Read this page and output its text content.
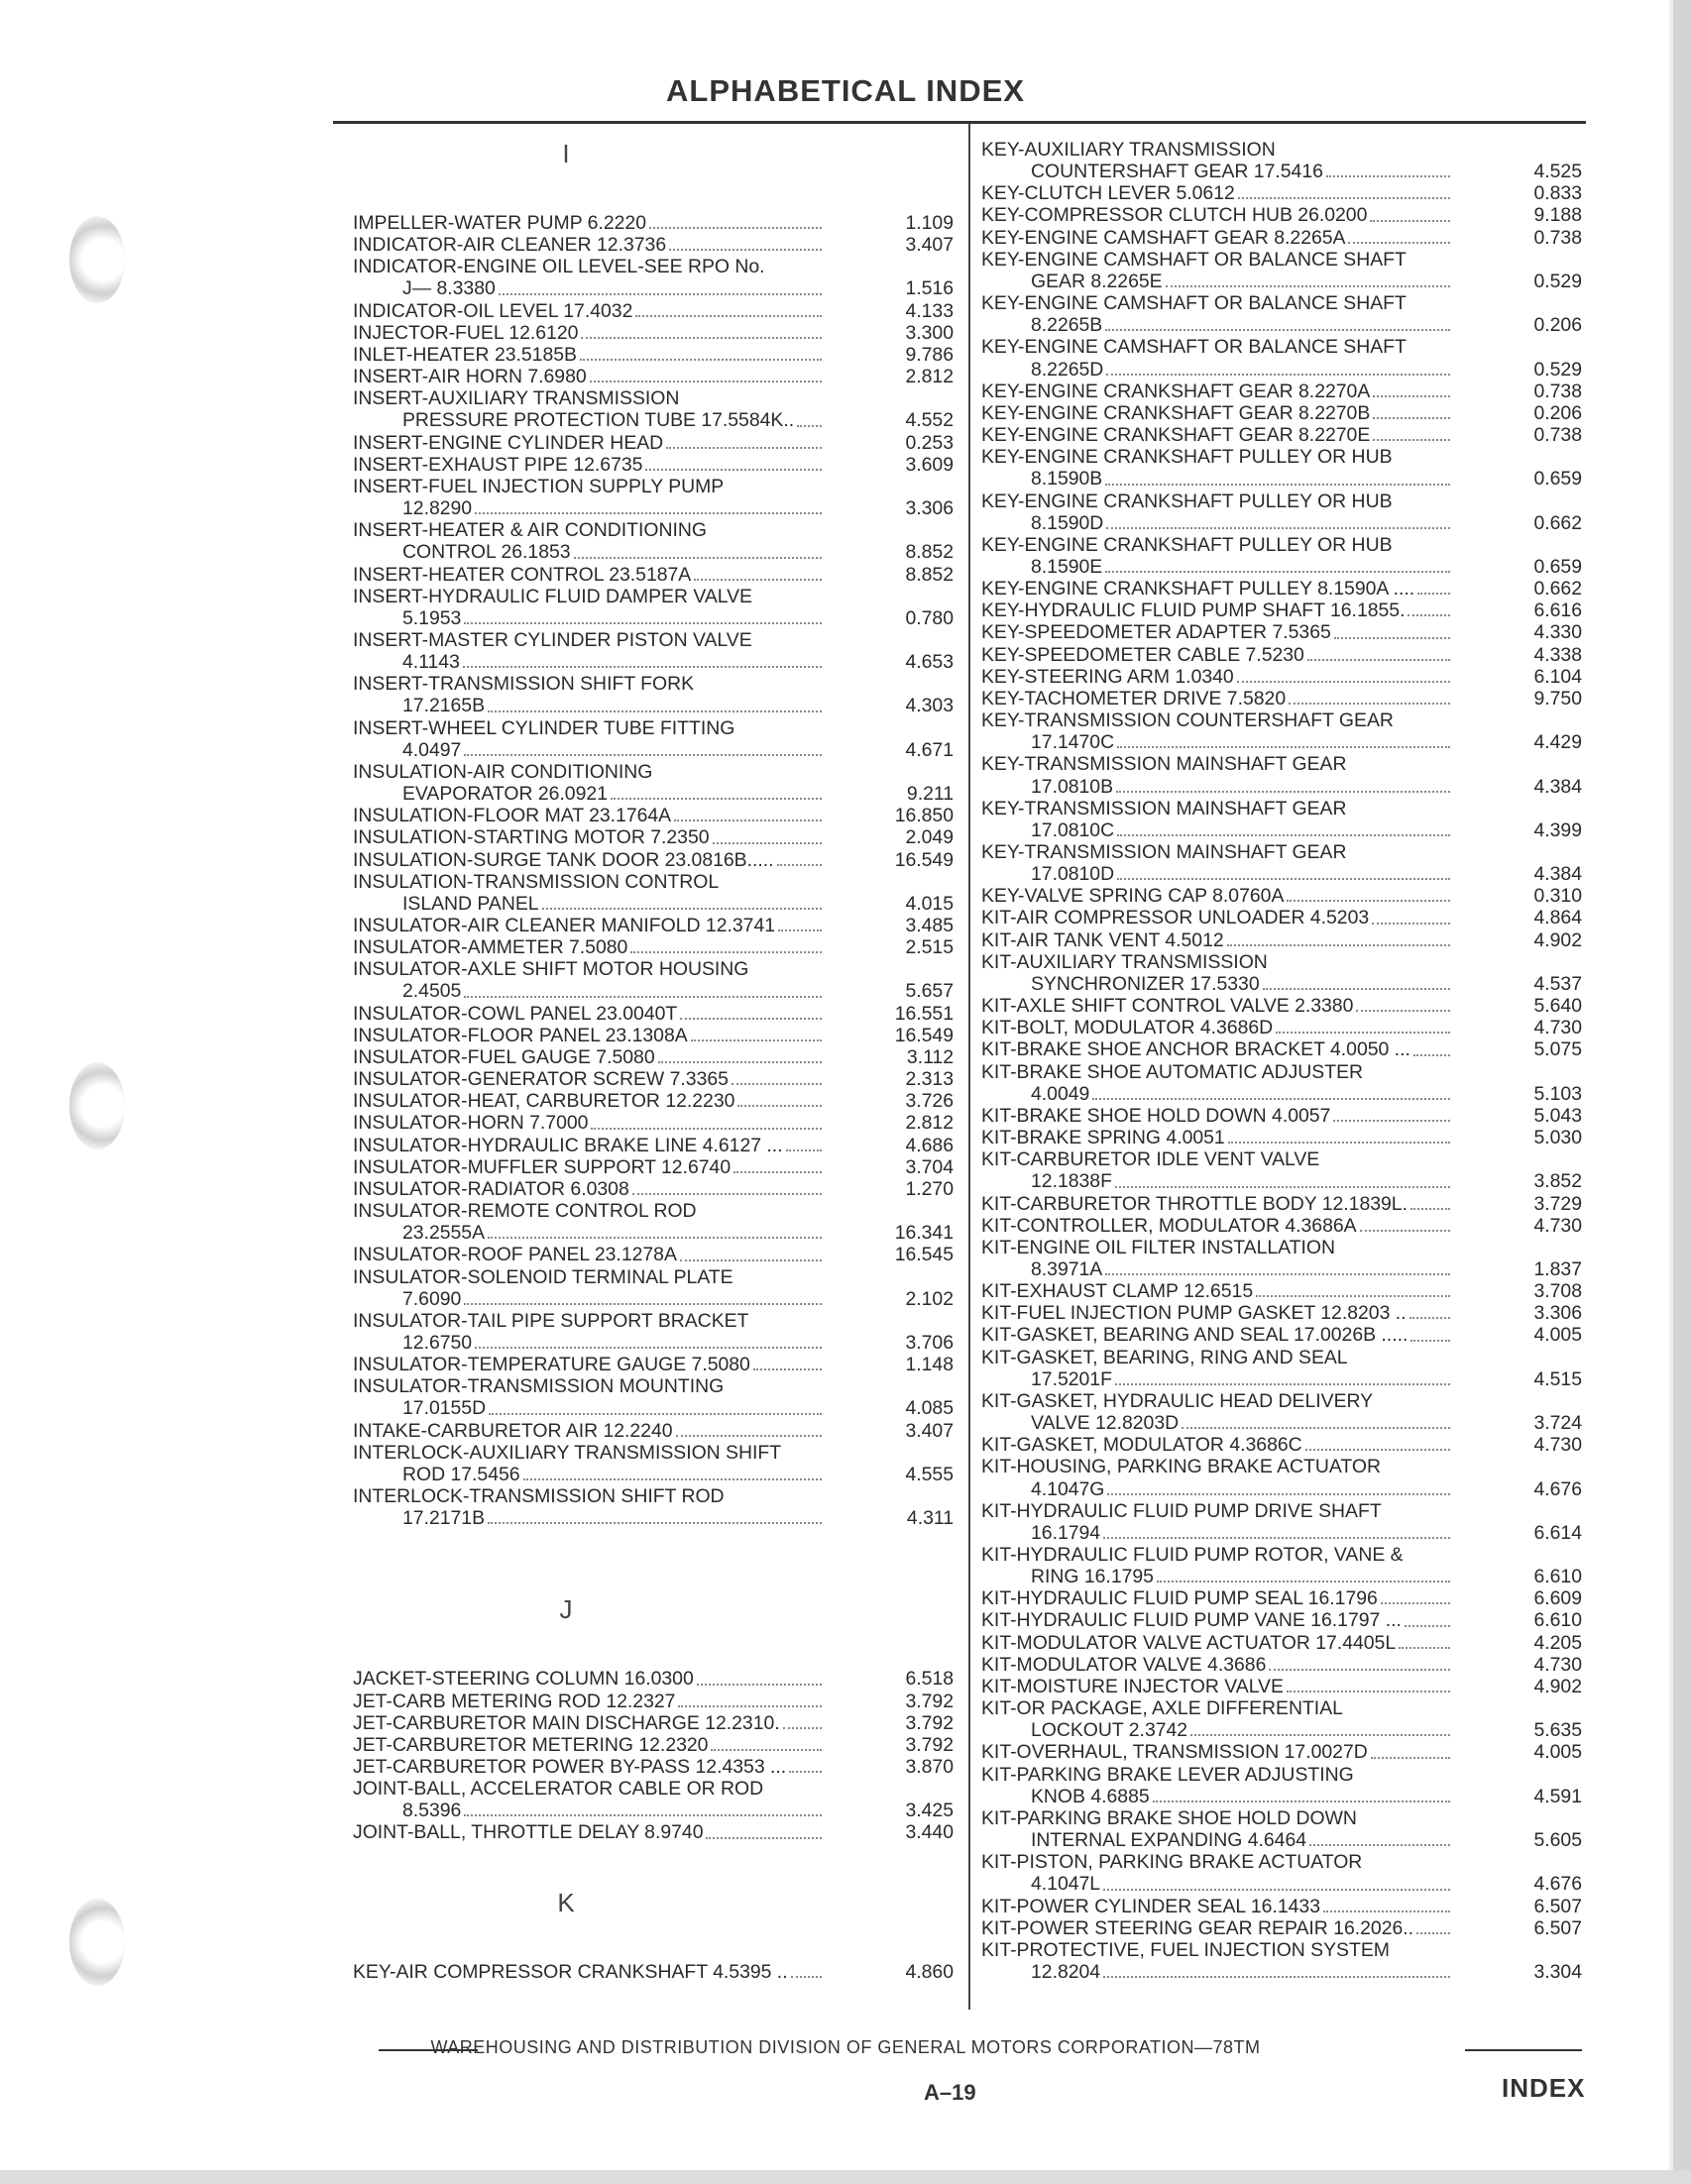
ALPHABETICAL INDEX
I
IMPELLER-WATER PUMP 6.2220	1.109
INDICATOR-AIR CLEANER 12.3736	3.407
INDICATOR-ENGINE OIL LEVEL-SEE RPO No.
J— 8.3380	1.516
INDICATOR-OIL LEVEL 17.4032	4.133
INJECTOR-FUEL 12.6120	3.300
INLET-HEATER 23.5185B	9.786
INSERT-AIR HORN 7.6980	2.812
INSERT-AUXILIARY TRANSMISSION
PRESSURE PROTECTION TUBE 17.5584K..	4.552
INSERT-ENGINE CYLINDER HEAD	0.253
INSERT-EXHAUST PIPE 12.6735	3.609
INSERT-FUEL INJECTION SUPPLY PUMP
12.8290	3.306
INSERT-HEATER & AIR CONDITIONING
CONTROL 26.1853	8.852
INSERT-HEATER CONTROL 23.5187A	8.852
INSERT-HYDRAULIC FLUID DAMPER VALVE
5.1953	0.780
INSERT-MASTER CYLINDER PISTON VALVE
4.1143	4.653
INSERT-TRANSMISSION SHIFT FORK
17.2165B	4.303
INSERT-WHEEL CYLINDER TUBE FITTING
4.0497	4.671
INSULATION-AIR CONDITIONING
EVAPORATOR 26.0921	9.211
INSULATION-FLOOR MAT 23.1764A	16.850
INSULATION-STARTING MOTOR 7.2350	2.049
INSULATION-SURGE TANK DOOR 23.0816B.....	16.549
INSULATION-TRANSMISSION CONTROL
ISLAND PANEL	4.015
INSULATOR-AIR CLEANER MANIFOLD 12.3741	3.485
INSULATOR-AMMETER 7.5080	2.515
INSULATOR-AXLE SHIFT MOTOR HOUSING
2.4505	5.657
INSULATOR-COWL PANEL 23.0040T	16.551
INSULATOR-FLOOR PANEL 23.1308A	16.549
INSULATOR-FUEL GAUGE 7.5080	3.112
INSULATOR-GENERATOR SCREW 7.3365	2.313
INSULATOR-HEAT, CARBURETOR 12.2230	3.726
INSULATOR-HORN 7.7000	2.812
INSULATOR-HYDRAULIC BRAKE LINE 4.6127 ...	4.686
INSULATOR-MUFFLER SUPPORT 12.6740	3.704
INSULATOR-RADIATOR 6.0308	1.270
INSULATOR-REMOTE CONTROL ROD
23.2555A	16.341
INSULATOR-ROOF PANEL 23.1278A	16.545
INSULATOR-SOLENOID TERMINAL PLATE
7.6090	2.102
INSULATOR-TAIL PIPE SUPPORT BRACKET
12.6750	3.706
INSULATOR-TEMPERATURE GAUGE 7.5080	1.148
INSULATOR-TRANSMISSION MOUNTING
17.0155D	4.085
INTAKE-CARBURETOR AIR 12.2240	3.407
INTERLOCK-AUXILIARY TRANSMISSION SHIFT
ROD 17.5456	4.555
INTERLOCK-TRANSMISSION SHIFT ROD
17.2171B	4.311
J
JACKET-STEERING COLUMN 16.0300	6.518
JET-CARB METERING ROD 12.2327	3.792
JET-CARBURETOR MAIN DISCHARGE 12.2310.	3.792
JET-CARBURETOR METERING 12.2320	3.792
JET-CARBURETOR POWER BY-PASS 12.4353 ...	3.870
JOINT-BALL, ACCELERATOR CABLE OR ROD
8.5396	3.425
JOINT-BALL, THROTTLE DELAY 8.9740	3.440
K
KEY-AIR COMPRESSOR CRANKSHAFT 4.5395 ..	4.860
KEY-AUXILIARY TRANSMISSION
COUNTERSHAFT GEAR 17.5416	4.525
KEY-CLUTCH LEVER 5.0612	0.833
KEY-COMPRESSOR CLUTCH HUB 26.0200	9.188
KEY-ENGINE CAMSHAFT GEAR 8.2265A	0.738
KEY-ENGINE CAMSHAFT OR BALANCE SHAFT
GEAR 8.2265E	0.529
KEY-ENGINE CAMSHAFT OR BALANCE SHAFT
8.2265B	0.206
KEY-ENGINE CAMSHAFT OR BALANCE SHAFT
8.2265D	0.529
KEY-ENGINE CRANKSHAFT GEAR 8.2270A	0.738
KEY-ENGINE CRANKSHAFT GEAR 8.2270B	0.206
KEY-ENGINE CRANKSHAFT GEAR 8.2270E	0.738
KEY-ENGINE CRANKSHAFT PULLEY OR HUB
8.1590B	0.659
KEY-ENGINE CRANKSHAFT PULLEY OR HUB
8.1590D	0.662
KEY-ENGINE CRANKSHAFT PULLEY OR HUB
8.1590E	0.659
KEY-ENGINE CRANKSHAFT PULLEY 8.1590A ....	0.662
KEY-HYDRAULIC FLUID PUMP SHAFT 16.1855.	6.616
KEY-SPEEDOMETER ADAPTER 7.5365	4.330
KEY-SPEEDOMETER CABLE 7.5230	4.338
KEY-STEERING ARM 1.0340	6.104
KEY-TACHOMETER DRIVE 7.5820	9.750
KEY-TRANSMISSION COUNTERSHAFT GEAR
17.1470C	4.429
KEY-TRANSMISSION MAINSHAFT GEAR
17.0810B	4.384
KEY-TRANSMISSION MAINSHAFT GEAR
17.0810C	4.399
KEY-TRANSMISSION MAINSHAFT GEAR
17.0810D	4.384
KEY-VALVE SPRING CAP 8.0760A	0.310
KIT-AIR COMPRESSOR UNLOADER 4.5203	4.864
KIT-AIR TANK VENT 4.5012	4.902
KIT-AUXILIARY TRANSMISSION
SYNCHRONIZER 17.5330	4.537
KIT-AXLE SHIFT CONTROL VALVE 2.3380	5.640
KIT-BOLT, MODULATOR 4.3686D	4.730
KIT-BRAKE SHOE ANCHOR BRACKET 4.0050 ...	5.075
KIT-BRAKE SHOE AUTOMATIC ADJUSTER
4.0049	5.103
KIT-BRAKE SHOE HOLD DOWN 4.0057	5.043
KIT-BRAKE SPRING 4.0051	5.030
KIT-CARBURETOR IDLE VENT VALVE
12.1838F	3.852
KIT-CARBURETOR THROTTLE BODY 12.1839L.	3.729
KIT-CONTROLLER, MODULATOR 4.3686A	4.730
KIT-ENGINE OIL FILTER INSTALLATION
8.3971A	1.837
KIT-EXHAUST CLAMP 12.6515	3.708
KIT-FUEL INJECTION PUMP GASKET 12.8203 ..	3.306
KIT-GASKET, BEARING AND SEAL 17.0026B .....	4.005
KIT-GASKET, BEARING, RING AND SEAL
17.5201F	4.515
KIT-GASKET, HYDRAULIC HEAD DELIVERY
VALVE 12.8203D	3.724
KIT-GASKET, MODULATOR 4.3686C	4.730
KIT-HOUSING, PARKING BRAKE ACTUATOR
4.1047G	4.676
KIT-HYDRAULIC FLUID PUMP DRIVE SHAFT
16.1794	6.614
KIT-HYDRAULIC FLUID PUMP ROTOR, VANE &
RING 16.1795	6.610
KIT-HYDRAULIC FLUID PUMP SEAL 16.1796	6.609
KIT-HYDRAULIC FLUID PUMP VANE 16.1797 ...	6.610
KIT-MODULATOR VALVE ACTUATOR 17.4405L	4.205
KIT-MODULATOR VALVE 4.3686	4.730
KIT-MOISTURE INJECTOR VALVE	4.902
KIT-OR PACKAGE, AXLE DIFFERENTIAL
LOCKOUT 2.3742	5.635
KIT-OVERHAUL, TRANSMISSION 17.0027D	4.005
KIT-PARKING BRAKE LEVER ADJUSTING
KNOB 4.6885	4.591
KIT-PARKING BRAKE SHOE HOLD DOWN
INTERNAL EXPANDING 4.6464	5.605
KIT-PISTON, PARKING BRAKE ACTUATOR
4.1047L	4.676
KIT-POWER CYLINDER SEAL 16.1433	6.507
KIT-POWER STEERING GEAR REPAIR 16.2026..	6.507
KIT-PROTECTIVE, FUEL INJECTION SYSTEM
12.8204	3.304
WAREHOUSING AND DISTRIBUTION DIVISION OF GENERAL MOTORS CORPORATION—78TM
A–19	INDEX
